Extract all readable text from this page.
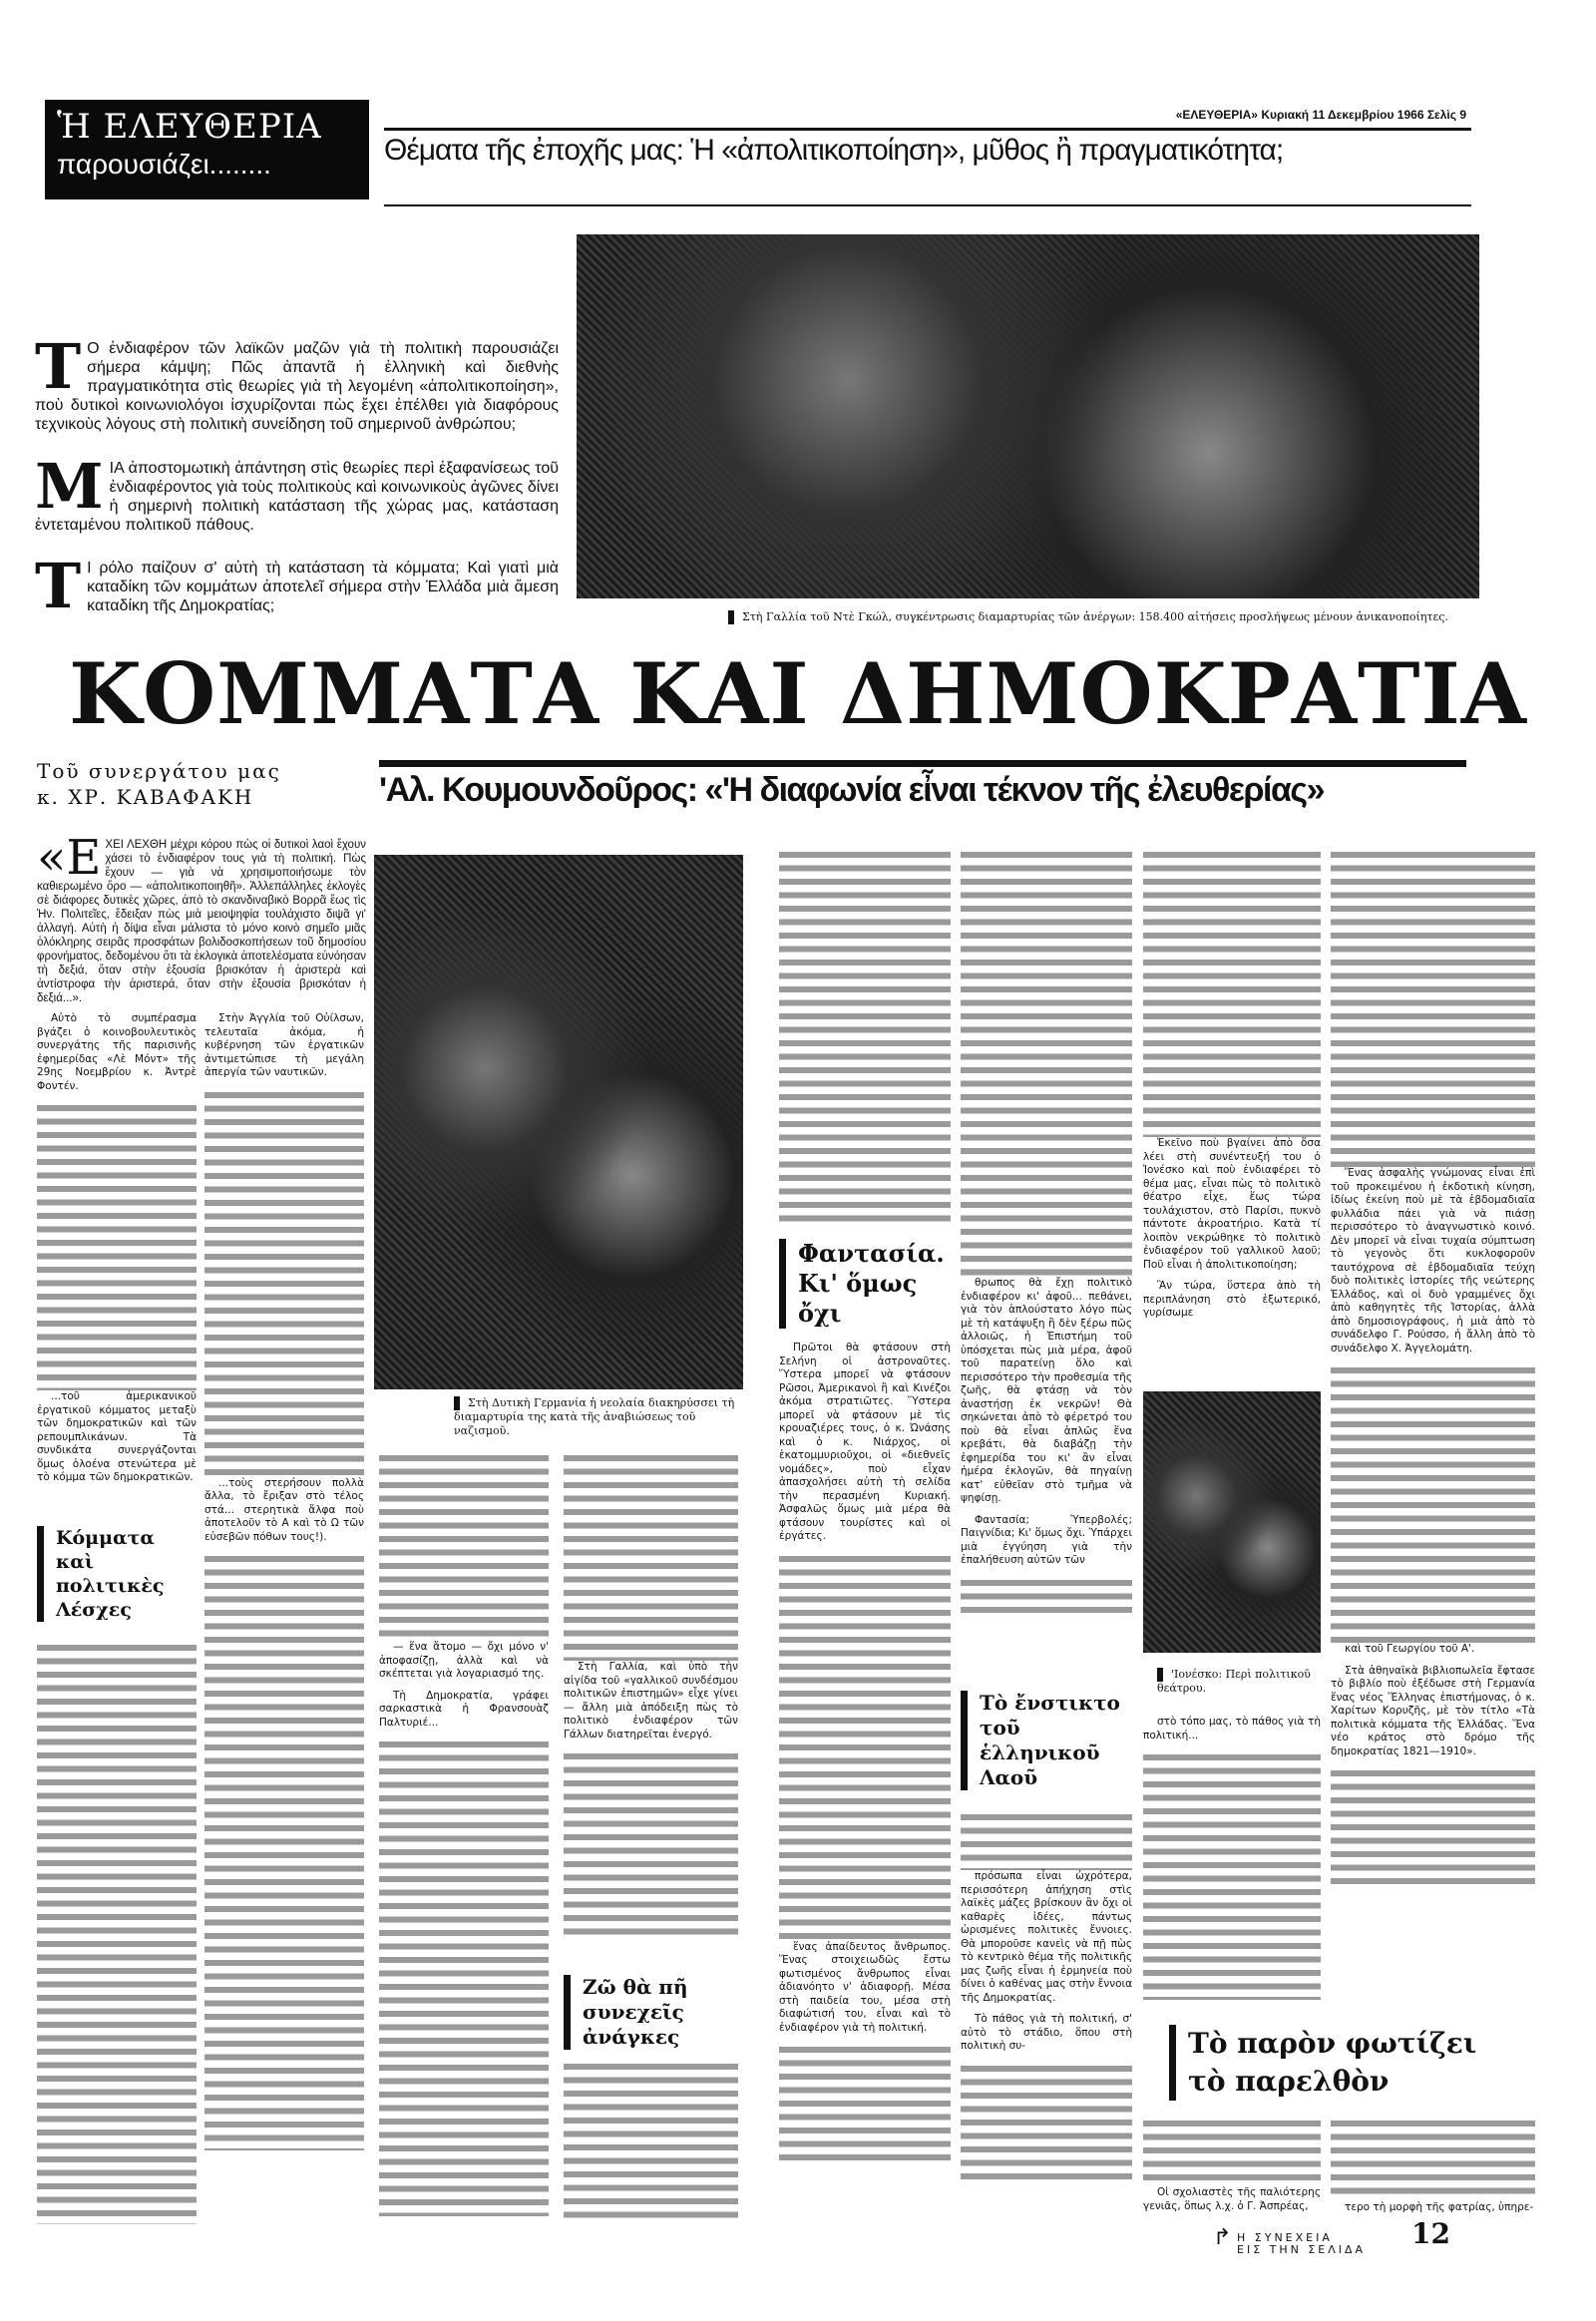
Ἡ ΕΛΕΥΘΕΡΙΑ
παρουσιάζει........
«ΕΛΕΥΘΕΡΙΑ» Κυριακή 11 Δεκεμβρίου 1966 Σελὶς 9
Θέματα τῆς ἐποχῆς μας: Ἡ «ἀπολιτικοποίηση», μῦθος ἢ πραγματικότητα;
Τ Ο ἐνδιαφέρον τῶν λαϊκῶν μαζῶν γιὰ τὴ πολιτικὴ παρουσιάζει σήμερα κάμψη; Πῶς ἀπαντᾶ ἡ ἑλληνικὴ καὶ διεθνὴς πραγματικότητα στὶς θεωρίες γιὰ τὴ λεγομένη «ἀπολιτικοποίηση», ποὺ δυτικοὶ κοινωνιολόγοι ἰσχυρίζονται πὼς ἔχει ἐπέλθει γιὰ διαφόρους τεχνικοὺς λόγους στὴ πολιτικὴ συνείδηση τοῦ σημερινοῦ ἀνθρώπου;
ΜΙΑ ἀποστομωτικὴ ἀπάντηση στὶς θεωρίες περὶ ἐξαφανίσεως τοῦ ἐνδιαφέροντος γιὰ τοὺς πολιτικοὺς καὶ κοινωνικοὺς ἀγῶνες δίνει ἡ σημερινὴ πολιτικὴ κατάσταση τῆς χώρας μας, κατάσταση ἐντεταμένου πολιτικοῦ πάθους.
Τ Ι ρόλο παίζουν σ' αὐτὴ τὴ κατάσταση τὰ κόμματα; Καὶ γιατὶ μιὰ καταδίκη τῶν κομμάτων ἀποτελεῖ σήμερα στὴν Ἑλλάδα μιὰ ἄμεση καταδίκη τῆς Δημοκρατίας;
Στὴ Γαλλία τοῦ Ντὲ Γκώλ, συγκέντρωσις διαμαρτυρίας τῶν ἀνέργων: 158.400 αἰτήσεις προσλήψεως μένουν ἀνικανοποίητες.
ΚΟΜΜΑΤΑ ΚΑΙ ΔΗΜΟΚΡΑΤΙΑ
Τοῦ συνεργάτου μας
κ. ΧΡ. ΚΑΒΑΦΑΚΗ	'Αλ. Κουμουνδοῦρος: «'Η διαφωνία εἶναι τέκνον τῆς ἐλευθερίας»
«ΕΧΕΙ ΛΕΧΘΗ μέχρι κόρου πὼς οἱ δυτικοὶ λαοὶ ἔχουν χάσει τὸ ἐνδιαφέρον τους γιὰ τὴ πολιτική. Πὼς ἔχουν — γιὰ νὰ χρησιμοποιήσωμε τὸν καθιερωμένο ὅρο — «ἀπολιτικοποιηθῆ». Ἀλλεπάλληλες ἐκλογὲς σὲ διάφορες δυτικὲς χῶρες, ἀπὸ τὸ σκανδιναβικὸ Βορρᾶ ἕως τὶς Ἡν. Πολιτεῖες, ἔδειξαν πὼς μιὰ μειοψηφία τουλάχιστο διψᾶ γι' ἀλλαγή. Αὐτὴ ἡ δίψα εἶναι μάλιστα τὸ μόνο κοινὸ σημεῖο μιᾶς ὁλόκληρης σειρᾶς προσφάτων βολιδοσκοπήσεων τοῦ δημοσίου φρονήματος, δεδομένου ὅτι τὰ ἐκλογικὰ ἀποτελέσματα εὐνόησαν τὴ δεξιά, ὅταν στὴν ἐξουσία βρισκόταν ἡ ἀριστερὰ καὶ ἀντίστροφα τὴν ἀριστερά, ὅταν στὴν ἐξουσία βρισκόταν ἡ δεξιά...».

Αὐτὸ τὸ συμπέρασμα βγάζει ὁ κοινοβουλευτικὸς συνεργάτης τῆς παρισινῆς ἐφημερίδας «Λὲ Μόντ» τῆς 29ης Νοεμβρίου κ. Ἀντρὲ Φοντέν.

...τοῦ ἀμερικανικοῦ ἐργατικοῦ κόμματος μεταξὺ τῶν δημοκρατικῶν καὶ τῶν ρεπουμπλικάνων. Τὰ συνδικάτα συνεργάζονται ὅμως ὁλοένα στενώτερα μὲ τὸ κόμμα τῶν δημοκρατικῶν.

Κόμματα καὶ πολιτικὲς Λέσχες

Στὴν Ἀγγλία τοῦ Οὐίλσων, τελευταῖα ἀκόμα, ἡ κυβέρνηση τῶν ἐργατικῶν ἀντιμετώπισε τὴ μεγάλη ἀπεργία τῶν ναυτικῶν.

...τοὺς στερήσουν πολλὰ ἄλλα, τὸ ἔριξαν στὸ τέλος στά... στερητικὰ ἄλφα ποὺ ἀποτελοῦν τὸ Α καὶ τὸ Ω τῶν εὐσεβῶν πόθων τους!).

Στὴ Δυτικὴ Γερμανία ἡ νεολαία διακηρύσσει τὴ διαμαρτυρία της κατὰ τῆς ἀναβιώσεως τοῦ ναζισμοῦ.

— ἕνα ἄτομο — ὄχι μόνο ν' ἀποφασίζῃ, ἀλλὰ καὶ νὰ σκέπτεται γιὰ λογαριασμό της.

Τὴ Δημοκρατία, γράφει σαρκαστικὰ ἡ Φρανσουὰζ Παλτυριέ...

Στὴ Γαλλία, καὶ ὑπὸ τὴν αἰγίδα τοῦ «γαλλικοῦ συνδέσμου πολιτικῶν ἐπιστημῶν» εἶχε γίνει — ἄλλη μιὰ ἀπόδειξη πὼς τὸ πολιτικὸ ἐνδιαφέρον τῶν Γάλλων διατηρεῖται ἐνεργό.

Ζῶ θὰ πῆ συνεχεῖς ἀνάγκες
Φαντασία. Κι' ὅμως ὄχι

Πρῶτοι θὰ φτάσουν στὴ Σελήνη οἱ ἀστροναῦτες. Ὕστερα μπορεῖ νὰ φτάσουν Ρῶσοι, Ἀμερικανοὶ ἢ καὶ Κινέζοι ἀκόμα στρατιῶτες. Ὕστερα μπορεῖ νὰ φτάσουν μὲ τὶς κρουαζιέρες τους, ὁ κ. Ὠνάσης καὶ ὁ κ. Νιάρχος, οἱ ἑκατομμυριοῦχοι, οἱ «διεθνεῖς νομάδες», ποὺ εἶχαν ἀπασχολήσει αὐτὴ τὴ σελίδα τὴν περασμένη Κυριακή. Ἀσφαλῶς ὅμως μιὰ μέρα θὰ φτάσουν τουρίστες καὶ οἱ ἐργάτες.

ἕνας ἀπαίδευτος ἄνθρωπος. Ἕνας στοιχειωδῶς ἔστω φωτισμένος ἄνθρωπος εἶναι ἀδιανόητο ν' ἀδιαφορῇ. Μέσα στὴ παιδεία του, μέσα στὴ διαφώτισή του, εἶναι καὶ τὸ ἐνδιαφέρον γιὰ τὴ πολιτική.

θρωπος θὰ ἔχῃ πολιτικὸ ἐνδιαφέρον κι' ἀφοῦ... πεθάνει, γιὰ τὸν ἁπλούστατο λόγο πὼς μὲ τὴ κατάψυξη ἢ δὲν ξέρω πῶς ἀλλοιῶς, ἡ Ἐπιστήμη τοῦ ὑπόσχεται πὼς μιὰ μέρα, ἀφοῦ τοῦ παρατείνῃ ὅλο καὶ περισσότερο τὴν προθεσμία τῆς ζωῆς, θὰ φτάσῃ νὰ τὸν ἀναστήσῃ ἐκ νεκρῶν! Θὰ σηκώνεται ἀπὸ τὸ φέρετρό του ποὺ θὰ εἶναι ἁπλῶς ἕνα κρεβάτι, θὰ διαβάζῃ τὴν ἐφημερίδα του κι' ἂν εἶναι ἡμέρα ἐκλογῶν, θὰ πηγαίνῃ κατ' εὐθεῖαν στὸ τμῆμα νὰ ψηφίσῃ.

Φαντασία; Ὑπερβολές; Παιγνίδια; Κι' ὅμως ὄχι. Ὑπάρχει μιὰ ἐγγύηση γιὰ τὴν ἐπαλήθευση αὐτῶν τῶν

Τὸ ἔνστικτο τοῦ ἑλληνικοῦ Λαοῦ

πρόσωπα εἶναι ὠχρότερα, περισσότερη ἀπήχηση στὶς λαϊκὲς μάζες βρίσκουν ἂν ὄχι οἱ καθαρὲς ἰδέες, πάντως ὡρισμένες πολιτικὲς ἔννοιες. Θὰ μποροῦσε κανεὶς νὰ πῇ πὼς τὸ κεντρικὸ θέμα τῆς πολιτικῆς μας ζωῆς εἶναι ἡ ἑρμηνεία ποὺ δίνει ὁ καθένας μας στὴν ἔννοια τῆς Δημοκρατίας.

Τὸ πάθος γιὰ τὴ πολιτική, σ' αὐτὸ τὸ στάδιο, ὅπου στὴ πολιτικὴ συ-

Ἐκεῖνο ποὺ βγαίνει ἀπὸ ὅσα λέει στὴ συνέντευξή του ὁ Ἰονέσκο καὶ ποὺ ἐνδιαφέρει τὸ θέμα μας, εἶναι πὼς τὸ πολιτικὸ θέατρο εἶχε, ἕως τώρα τουλάχιστον, στὸ Παρίσι, πυκνὸ πάντοτε ἀκροατήριο. Κατὰ τί λοιπὸν νεκρώθηκε τὸ πολιτικὸ ἐνδιαφέρον τοῦ γαλλικοῦ λαοῦ; Ποῦ εἶναι ἡ ἀπολιτικοποίηση;

Ἂν τώρα, ὕστερα ἀπὸ τὴ περιπλάνηση στὸ ἐξωτερικό, γυρίσωμε

'Ιονέσκο: Περὶ πολιτικοῦ θεάτρου.

στὸ τόπο μας, τὸ πάθος γιὰ τὴ πολιτική...

Ἕνας ἀσφαλὴς γνώμονας εἶναι ἐπὶ τοῦ προκειμένου ἡ ἐκδοτικὴ κίνηση, ἰδίως ἐκείνη ποὺ μὲ τὰ ἑβδομαδιαῖα φυλλάδια πάει γιὰ νὰ πιάσῃ περισσότερο τὸ ἀναγνωστικὸ κοινό. Δὲν μπορεῖ νὰ εἶναι τυχαία σύμπτωση τὸ γεγονὸς ὅτι κυκλοφοροῦν ταυτόχρονα σὲ ἑβδομαδιαῖα τεύχη δυὸ πολιτικὲς ἱστορίες τῆς νεώτερης Ἑλλάδος, καὶ οἱ δυὸ γραμμένες ὄχι ἀπὸ καθηγητὲς τῆς Ἱστορίας, ἀλλὰ ἀπὸ δημοσιογράφους, ἡ μιὰ ἀπὸ τὸ συνάδελφο Γ. Ρούσσο, ἡ ἄλλη ἀπὸ τὸ συνάδελφο Χ. Ἀγγελομάτη.

καὶ τοῦ Γεωργίου τοῦ Α'.

Στὰ ἀθηναϊκὰ βιβλιοπωλεῖα ἔφτασε τὸ βιβλίο ποὺ ἐξέδωσε στὴ Γερμανία ἕνας νέος Ἕλληνας ἐπιστήμονας, ὁ κ. Χαρίτων Κορυζῆς, μὲ τὸν τίτλο «Τὰ πολιτικὰ κόμματα τῆς Ἑλλάδας. Ἕνα νέο κράτος στὸ δρόμο τῆς δημοκρατίας 1821—1910».

Τὸ παρὸν φωτίζει τὸ παρελθὸν

Οἱ σχολιαστὲς τῆς παλιότερης γενιᾶς, ὅπως λ.χ. ὁ Γ. Ἀσπρέας,	τερο τὴ μορφὴ τῆς φατρίας, ὑπηρε-

↱ Η ΣΥΝΕΧΕΙΑ
ΕΙΣ ΤΗΝ ΣΕΛΙΔΑ 12
